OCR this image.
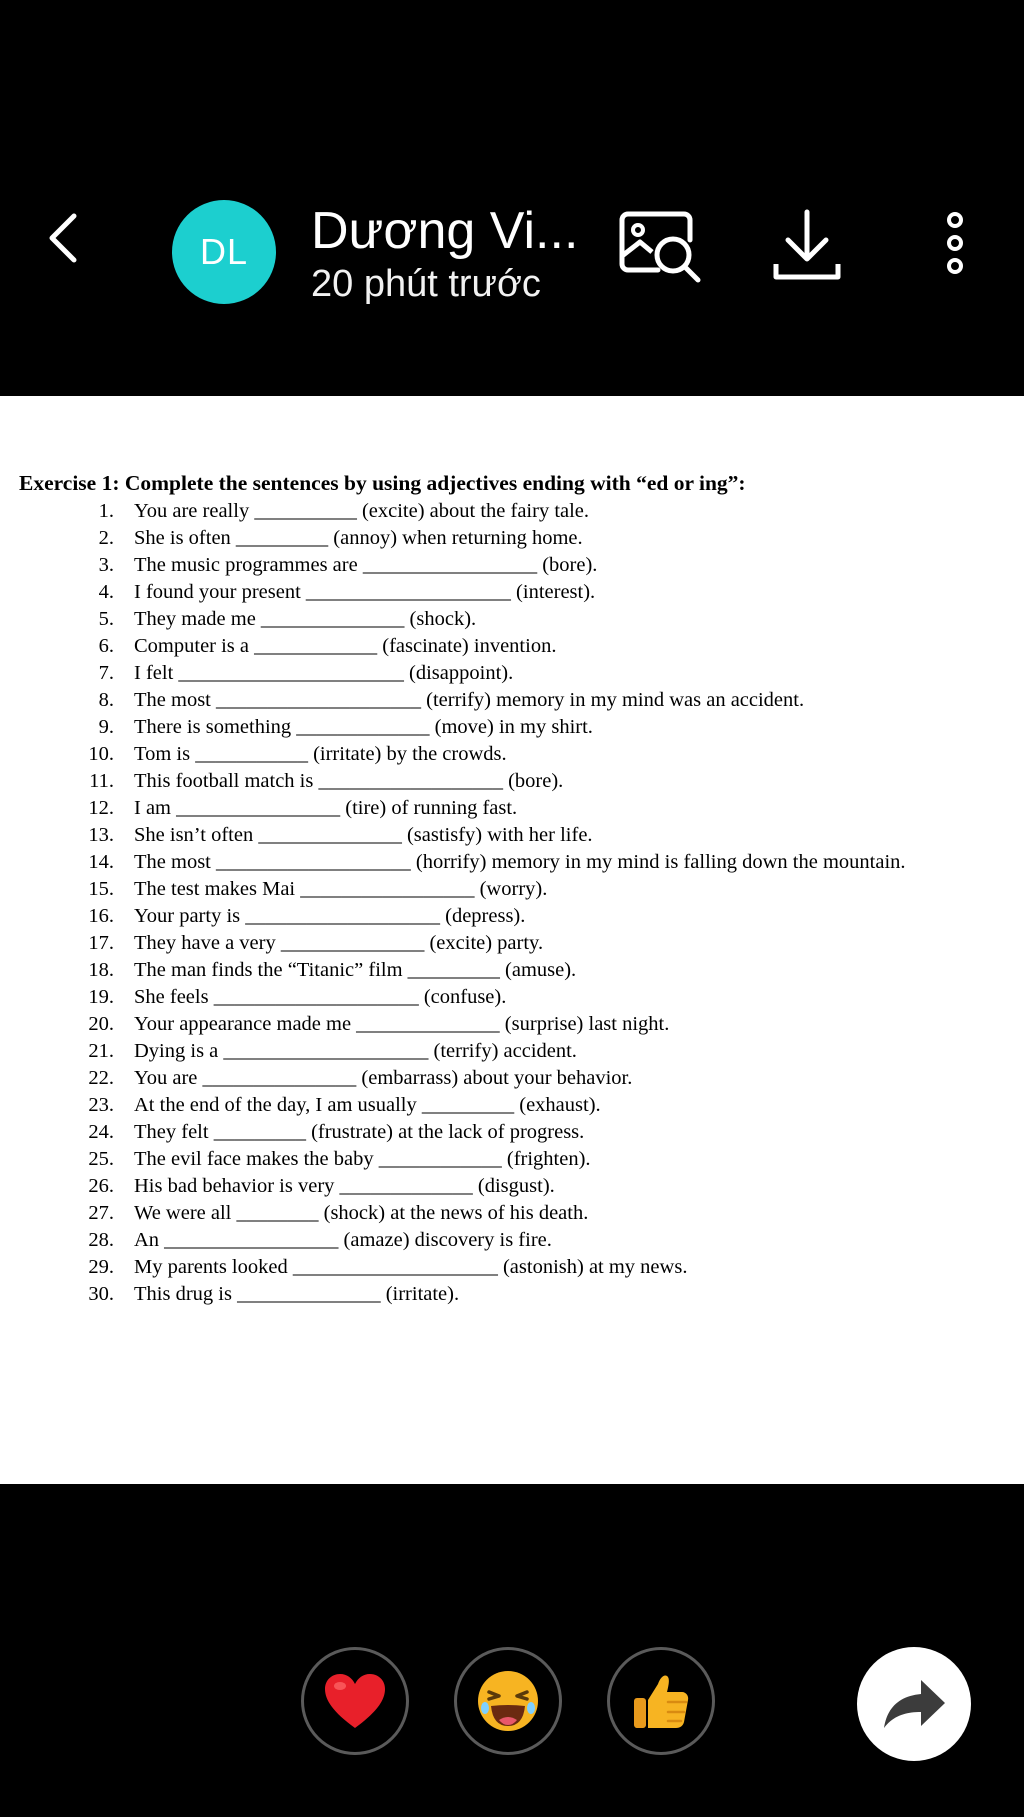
DL Dương Vi...
20 phút trước
Exercise 1: Complete the sentences by using adjectives ending with “ed or ing”:
1. You are really __________ (excite) about the fairy tale.
2. She is often _________ (annoy) when returning home.
3. The music programmes are _________________ (bore).
4. I found your present ____________________ (interest).
5. They made me ______________ (shock).
6. Computer is a ____________ (fascinate) invention.
7. I felt ______________________ (disappoint).
8. The most ____________________ (terrify) memory in my mind was an accident.
9. There is something _____________ (move) in my shirt.
10. Tom is ___________ (irritate) by the crowds.
11. This football match is __________________ (bore).
12. I am ________________ (tire) of running fast.
13. She isn’t often ______________ (sastisfy) with her life.
14. The most ___________________ (horrify) memory in my mind is falling down the mountain.
15. The test makes Mai _________________ (worry).
16. Your party is ___________________ (depress).
17. They have a very ______________ (excite) party.
18. The man finds the “Titanic” film _________ (amuse).
19. She feels ____________________ (confuse).
20. Your appearance made me ______________ (surprise) last night.
21. Dying is a ____________________ (terrify) accident.
22. You are _______________ (embarrass) about your behavior.
23. At the end of the day, I am usually _________ (exhaust).
24. They felt _________ (frustrate) at the lack of progress.
25. The evil face makes the baby ____________ (frighten).
26. His bad behavior is very _____________ (disgust).
27. We were all ________ (shock) at the news of his death.
28. An _________________ (amaze) discovery is fire.
29. My parents looked ____________________ (astonish) at my news.
30. This drug is ______________ (irritate).
